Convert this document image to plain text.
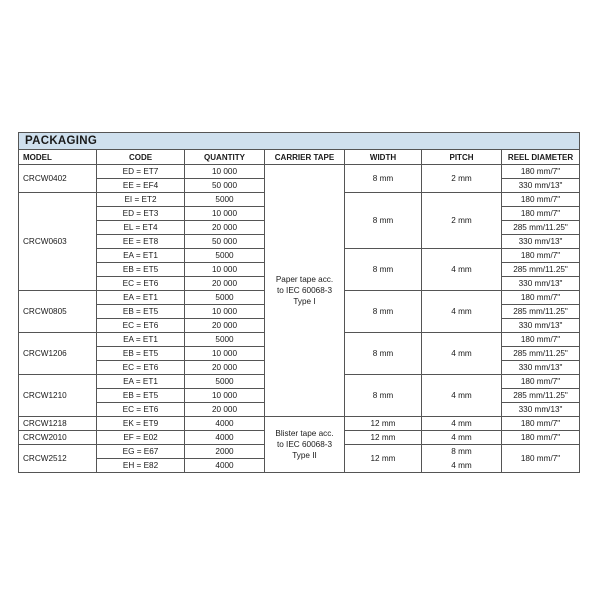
PACKAGING						
MODEL	CODE	QUANTITY	CARRIER TAPE	WIDTH	PITCH	REEL DIAMETER
CRCW0402	ED = ET7	10 000	Paper tape acc.
to IEC 60068-3
Type I	8 mm	2 mm	180 mm/7"
	EE = EF4	50 000				330 mm/13"
CRCW0603	EI = ET2	5000		8 mm	2 mm	180 mm/7"
	ED = ET3	10 000				180 mm/7"
	EL = ET4	20 000				285 mm/11.25"
	EE = ET8	50 000				330 mm/13"
	EA = ET1	5000		8 mm	4 mm	180 mm/7"
	EB = ET5	10 000				285 mm/11.25"
	EC = ET6	20 000				330 mm/13"
CRCW0805	EA = ET1	5000		8 mm	4 mm	180 mm/7"
	EB = ET5	10 000				285 mm/11.25"
	EC = ET6	20 000				330 mm/13"
CRCW1206	EA = ET1	5000		8 mm	4 mm	180 mm/7"
	EB = ET5	10 000				285 mm/11.25"
	EC = ET6	20 000				330 mm/13"
CRCW1210	EA = ET1	5000		8 mm	4 mm	180 mm/7"
	EB = ET5	10 000				285 mm/11.25"
	EC = ET6	20 000				330 mm/13"
CRCW1218	EK = ET9	4000	Blister tape acc.
to IEC 60068-3
Type II	12 mm	4 mm	180 mm/7"
CRCW2010	EF = E02	4000		12 mm	4 mm	180 mm/7"
CRCW2512	EG = E67	2000		12 mm	8 mm	180 mm/7"
	EH = E82	4000			4 mm	
